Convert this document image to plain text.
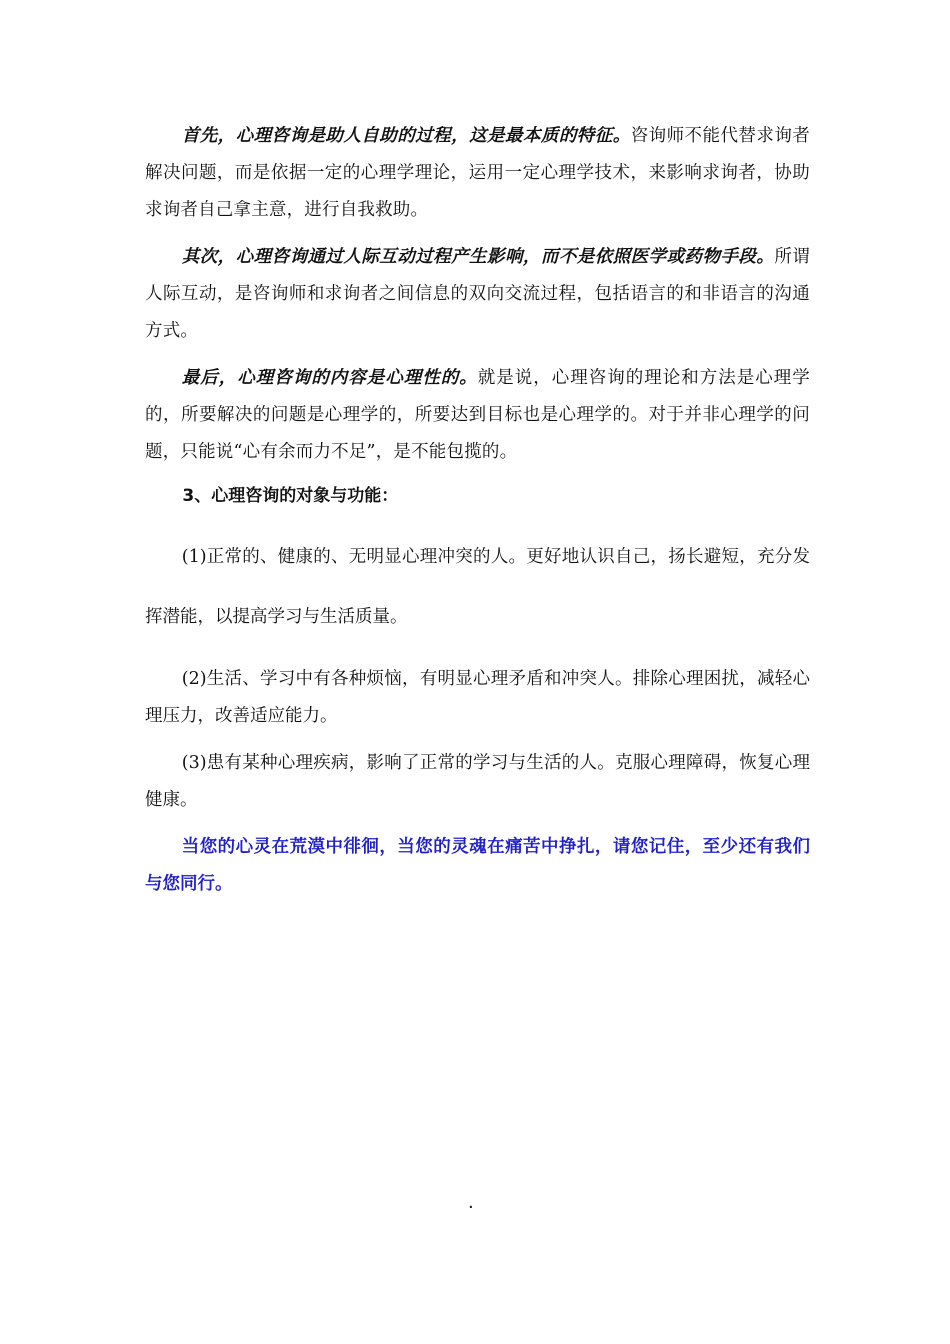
首先，心理咨询是助人自助的过程，这是最本质的特征。咨询师不能代替求询者解决问题，而是依据一定的心理学理论，运用一定心理学技术，来影响求询者，协助求询者自己拿主意，进行自我救助。

其次，心理咨询通过人际互动过程产生影响，而不是依照医学或药物手段。所谓人际互动，是咨询师和求询者之间信息的双向交流过程，包括语言的和非语言的沟通方式。

最后，心理咨询的内容是心理性的。就是说，心理咨询的理论和方法是心理学的，所要解决的问题是心理学的，所要达到目标也是心理学的。对于并非心理学的问题，只能说“心有余而力不足”，是不能包揽的。

3、心理咨询的对象与功能：

(1)正常的、健康的、无明显心理冲突的人。更好地认识自己，扬长避短，充分发挥潜能，以提高学习与生活质量。

(2)生活、学习中有各种烦恼，有明显心理矛盾和冲突人。排除心理困扰，减轻心理压力，改善适应能力。

(3)患有某种心理疾病，影响了正常的学习与生活的人。克服心理障碍，恢复心理健康。

当您的心灵在荒漠中徘徊，当您的灵魂在痛苦中挣扎，请您记住，至少还有我们与您同行。

.
